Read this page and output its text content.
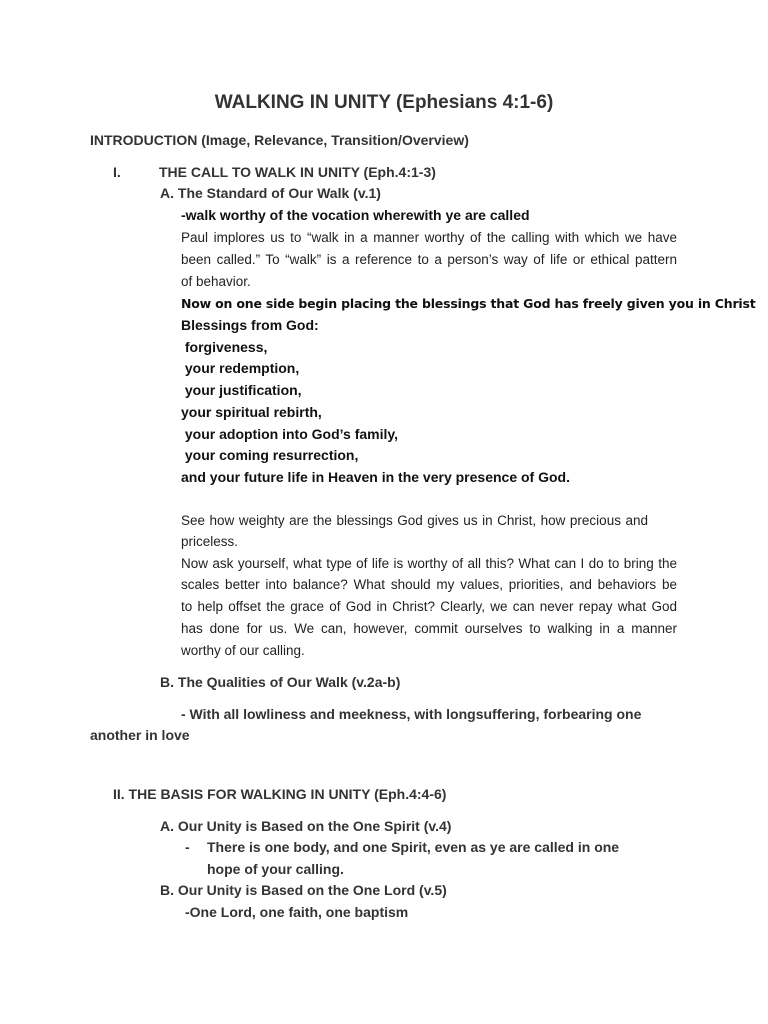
WALKING IN UNITY (Ephesians 4:1-6)
INTRODUCTION (Image, Relevance, Transition/Overview)
I.	THE CALL TO WALK IN UNITY (Eph.4:1-3)
A. The Standard of Our Walk (v.1)
-walk worthy of the vocation wherewith ye are called
Paul implores us to “walk in a manner worthy of the calling with which we have
been called.” To “walk” is a reference to a person’s way of life or ethical pattern
of behavior.
Now on one side begin placing the blessings that God has freely given you in Christ
Blessings from God:
forgiveness,
your redemption,
your justification,
your spiritual rebirth,
your adoption into God’s family,
your coming resurrection,
and your future life in Heaven in the very presence of God.
See how weighty are the blessings God gives us in Christ, how precious and
priceless.
Now ask yourself, what type of life is worthy of all this? What can I do to bring the
scales better into balance? What should my values, priorities, and behaviors be
to help offset the grace of God in Christ? Clearly, we can never repay what God
has done for us. We can, however, commit ourselves to walking in a manner
worthy of our calling.
B. The Qualities of Our Walk (v.2a-b)
- With all lowliness and meekness, with longsuffering, forbearing one
another in love
II. THE BASIS FOR WALKING IN UNITY (Eph.4:4-6)
A. Our Unity is Based on the One Spirit (v.4)
- There is one body, and one Spirit, even as ye are called in one
hope of your calling.
B. Our Unity is Based on the One Lord (v.5)
-One Lord, one faith, one baptism
